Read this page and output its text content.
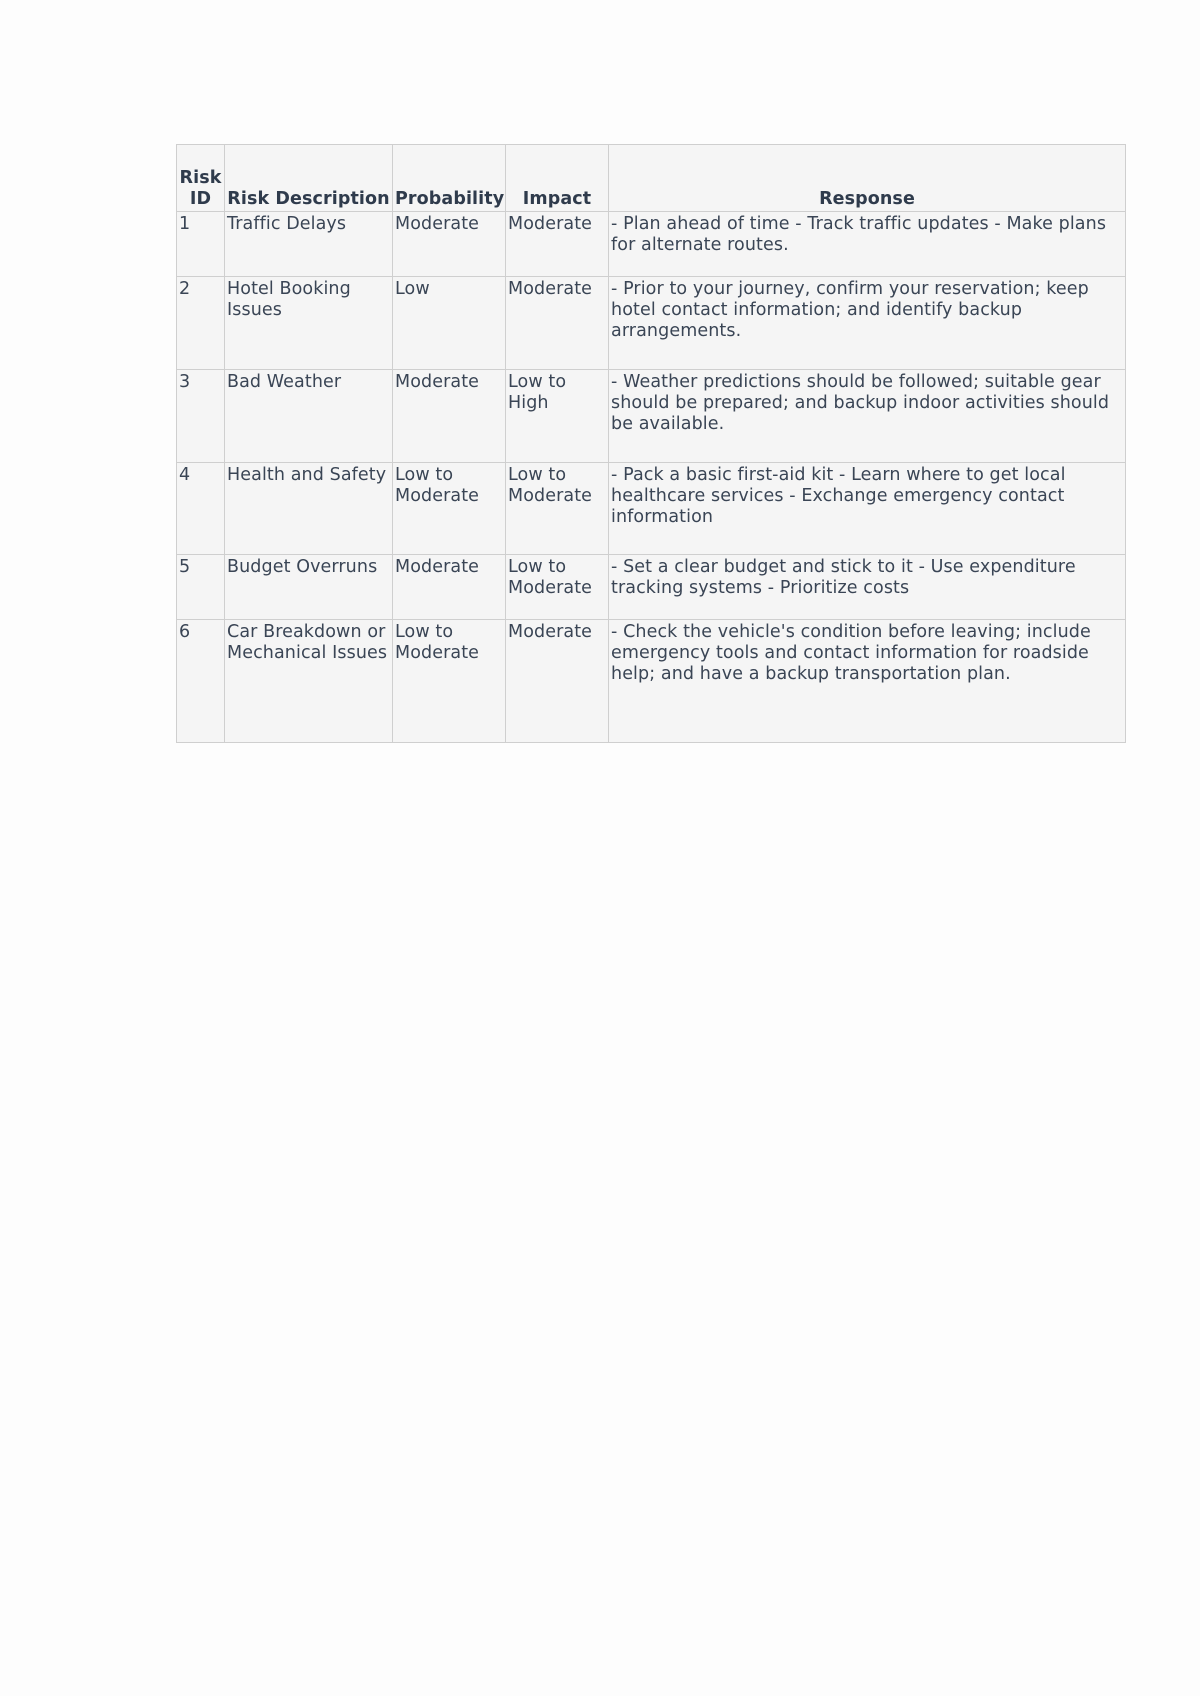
Risk ID	Risk Description	Probability	Impact	Response
1	Traffic Delays	Moderate	Moderate	- Plan ahead of time - Track traffic updates - Make plans for alternate routes.
2	Hotel Booking Issues	Low	Moderate	- Prior to your journey, confirm your reservation; keep hotel contact information; and identify backup arrangements.
3	Bad Weather	Moderate	Low to High	- Weather predictions should be followed; suitable gear should be prepared; and backup indoor activities should be available.
4	Health and Safety	Low to Moderate	Low to Moderate	- Pack a basic first-aid kit - Learn where to get local healthcare services - Exchange emergency contact information
5	Budget Overruns	Moderate	Low to Moderate	- Set a clear budget and stick to it - Use expenditure tracking systems - Prioritize costs
6	Car Breakdown or Mechanical Issues	Low to Moderate	Moderate	- Check the vehicle's condition before leaving; include emergency tools and contact information for roadside help; and have a backup transportation plan.
